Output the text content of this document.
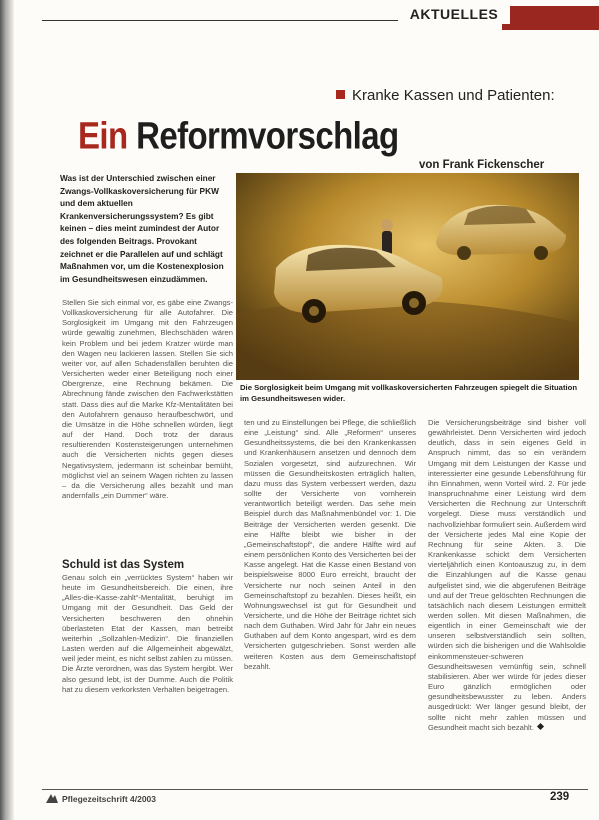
AKTUELLES
Kranke Kassen und Patienten:
Ein Reformvorschlag
von Frank Fickenscher
Was ist der Unterschied zwischen einer Zwangs-Vollkaskoversicherung für PKW und dem aktuellen Krankenversicherungssystem? Es gibt keinen – dies meint zumindest der Autor des folgenden Beitrags. Provokant zeichnet er die Parallelen auf und schlägt Maßnahmen vor, um die Kostenexplosion im Gesundheitswesen einzudämmen.
Die Sorglosigkeit beim Umgang mit vollkaskoversicherten Fahrzeugen spiegelt die Situation im Gesundheitswesen wider.

Stellen Sie sich einmal vor, es gäbe eine Zwangs-Vollkaskoversicherung für alle Autofahrer. Die Sorglosigkeit im Umgang mit den Fahrzeugen würde gewaltig zunehmen, Blechschäden wären kein Problem und bei jedem Kratzer würde man den Wagen neu lackieren lassen. Stellen Sie sich weiter vor, auf allen Schadensfällen beruhten die Versicherten weder einer Beteiligung noch einer Obergrenze, eine Rechnung bekämen. Die Abrechnung fände zwischen den Fachwerkstätten statt. Dass dies auf die Marke Kfz-Mentalitäten bei den Autofahrern genauso heraufbeschwört, und die Umsätze in die Höhe schnellen würden, liegt auf der Hand. Doch trotz der daraus resultierenden Kostensteigerungen unternehmen auch die Versicherten nichts gegen dieses Negativsystem, jedermann ist scheinbar bemüht, möglichst viel an seinem Wagen richten zu lassen – da die Versicherung alles bezahlt und man andernfalls „ein Dummer“ wäre.

Schuld ist das System

Genau solch ein „verrücktes System“ haben wir heute im Gesundheitsbereich. Die einen, ihre „Alles-die-Kasse-zahlt“-Mentalität, beruhigt im Umgang mit der Gesundheit. Das Geld der Versicherten beschweren den ohnehin überlasteten Etat der Kassen, man betreibt weiterhin „Sollzahlen-Medizin“. Die finanziellen Lasten werden auf die Allgemeinheit abgewälzt, weil jeder meint, es nicht selbst zahlen zu müssen. Die Ärzte verordnen, was das System hergibt. Wer also gesund lebt, ist der Dumme. Auch die Politik hat zu diesem verkorksten Verhalten beigetragen.

ten und zu Einstellungen bei Pflege, die schließlich eine „Leistung“ sind. Alle „Reformen“ unseres Gesundheitssystems, die bei den Krankenkassen und Krankenhäusern ansetzen und dennoch dem Sozialen vorgesetzt, sind aufzurechnen. Wir müssen die Gesundheitskosten erträglich halten, dazu muss das System verbessert werden, dazu sollte der Versicherte von vornherein verantwortlich beteiligt werden. Das sehe mein Beispiel durch das Maßnahmenbündel vor: 1. Die Beiträge der Versicherten werden gesenkt. Die eine Hälfte bleibt wie bisher in der „Gemeinschaftstopf“, die andere Hälfte wird auf einem persönlichen Konto des Versicherten bei der Kasse angelegt. Hat die Kasse einen Bestand von beispielsweise 8000 Euro erreicht, braucht der Versicherte nur noch seinen Anteil in den Gemeinschaftstopf zu bezahlen. Dieses heißt, ein Wohnungswechsel ist gut für Gesundheit und Versicherte, und die Höhe der Beiträge richtet sich nach dem Guthaben. Wird Jahr für Jahr ein neues Guthaben auf dem Konto angespart, wird es dem Versicherten gutgeschrieben. Sonst werden alle weiteren Kosten aus dem Gemeinschaftstopf bezahlt.

Die Versicherungsbeiträge sind bisher voll gewährleistet. Denn Versicherten wird jedoch deutlich, dass in sein eigenes Geld in Anspruch nimmt, das so ein verändern Umgang mit dem Leistungen der Kasse und interessierter eine gesunde Lebensführung für ihn Einnahmen, wenn Vorteil wird. 2. Für jede Inanspruchnahme einer Leistung wird dem Versicherten die Rechnung zur Unterschrift vorgelegt. Diese muss verständlich und nachvollziehbar formuliert sein. Außerdem wird der Versicherte jedes Mal eine Kopie der Rechnung für seine Akten. 3. Die Krankenkasse schickt dem Versicherten vierteljährlich einen Kontoauszug zu, in dem die Einzahlungen auf die Kasse genau aufgelistet sind, wie die abgerufenen Beiträge und auf der Treue gelöschten Rechnungen die tatsächlich nach diesem Leistungen ermittelt werden sollen. Mit diesen Maßnahmen, die eigentlich in einer Gemeinschaft wie der unseren selbstverständlich sein sollten, würden sich die bisherigen und die Wahlsoldie einkommensteuer-schweren Gesundheitswesen vernünftig sein, schnell stabilisieren. Aber wer würde für jedes dieser Euro gänzlich ermöglichen oder gesundheitsbewusster zu leben. Anders ausgedrückt: Wer länger gesund bleibt, der sollte nicht mehr zahlen müssen und Gesundheit macht sich bezahlt.

Pflegezeitschrift 4/2003	239
